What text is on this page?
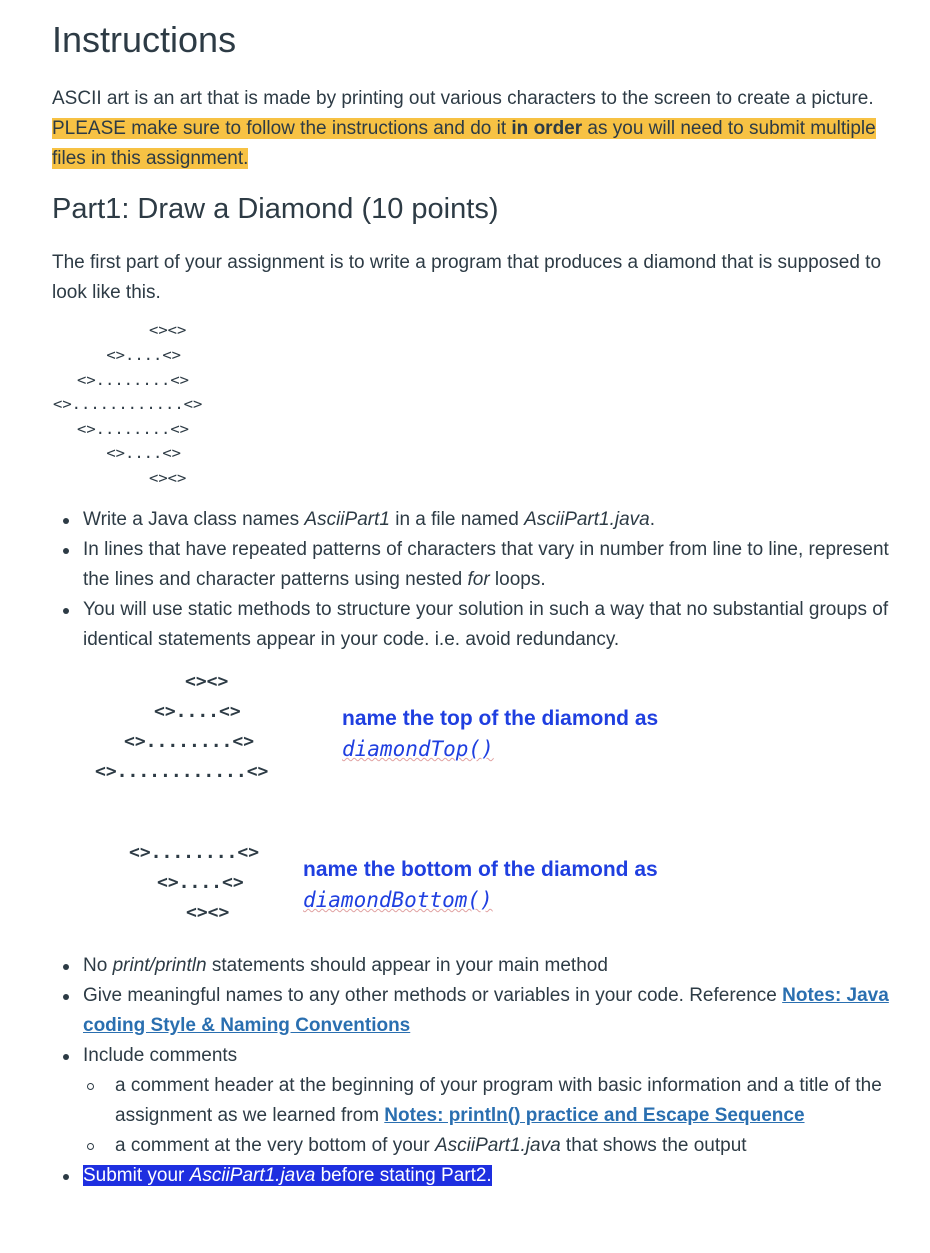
Instructions

ASCII art is an art that is made by printing out various characters to the screen to create a picture. PLEASE make sure to follow the instructions and do it in order as you will need to submit multiple files in this assignment.

Part1: Draw a Diamond (10 points)

The first part of your assignment is to write a program that produces a diamond that is supposed to look like this.

<><>
<>....<>
<>........<>
<>............<>
<>........<>
<>....<>
<><>
Write a Java class names AsciiPart1 in a file named AsciiPart1.java.
In lines that have repeated patterns of characters that vary in number from line to line, represent the lines and character patterns using nested for loops.
You will use static methods to structure your solution in such a way that no substantial groups of identical statements appear in your code. i.e. avoid redundancy.
<><>
<>....<>
<>........<>
<>............<>
name the top of the diamond as
diamondTop()
<>........<>
<>....<>
<><>
name the bottom of the diamond as
diamondBottom()
No print/println statements should appear in your main method
Give meaningful names to any other methods or variables in your code. Reference Notes: Java coding Style & Naming Conventions
Include comments
a comment header at the beginning of your program with basic information and a title of the assignment as we learned from Notes: println() practice and Escape Sequence
a comment at the very bottom of your AsciiPart1.java that shows the output
Submit your AsciiPart1.java before stating Part2.
